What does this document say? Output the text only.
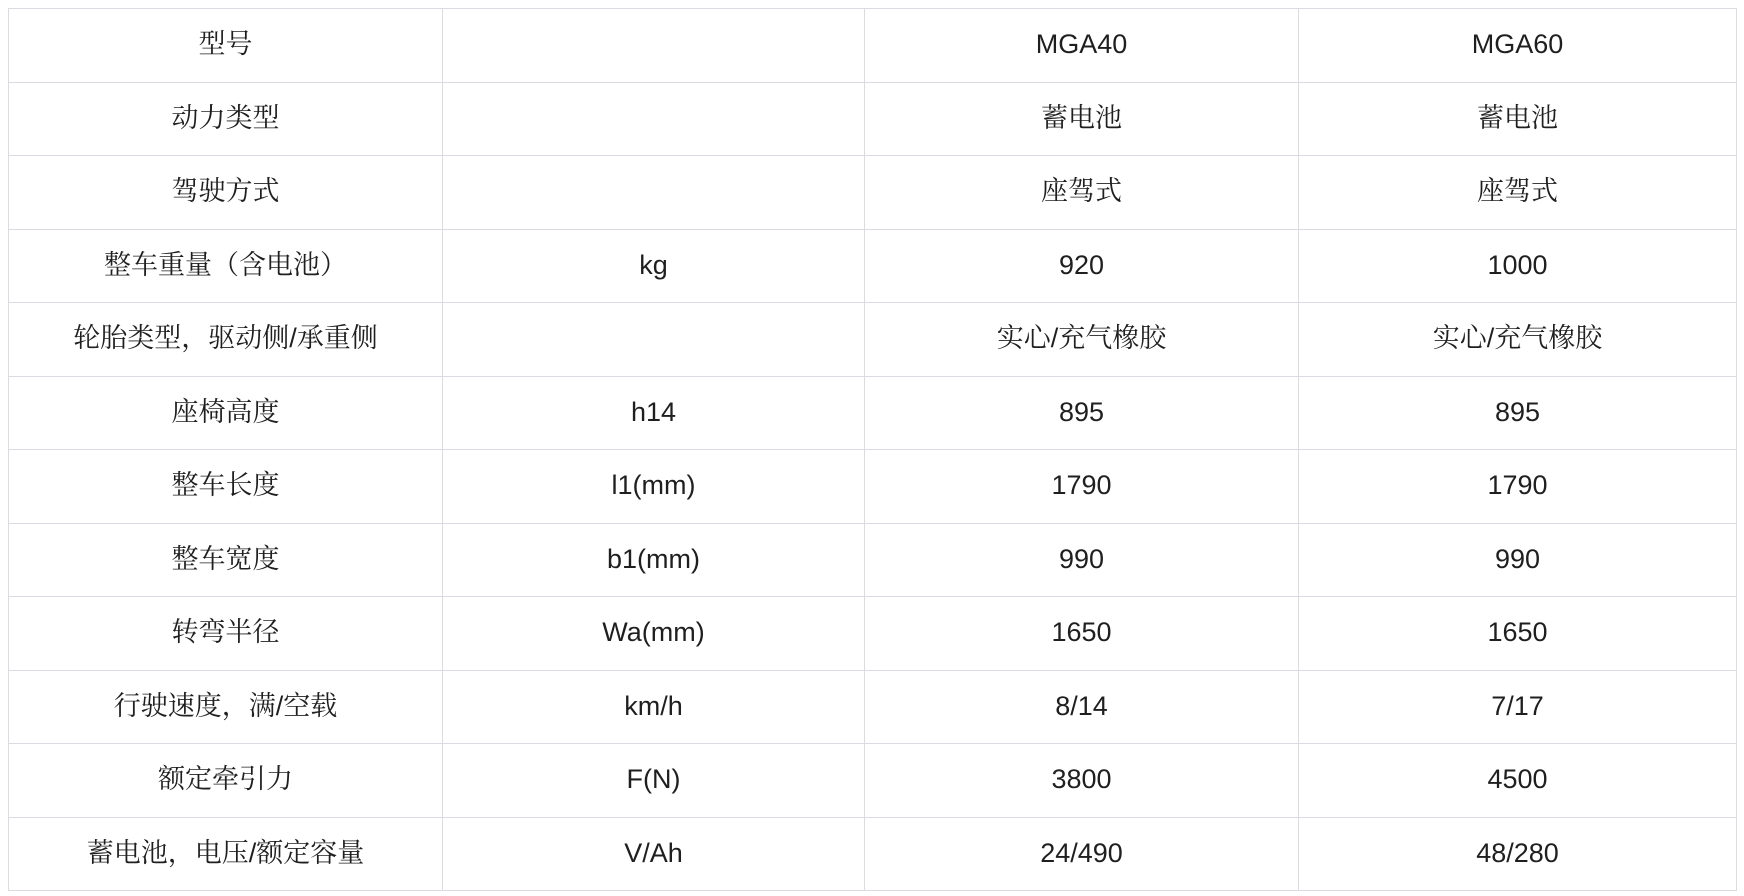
型号		MGA40	MGA60
动力类型		蓄电池	蓄电池
驾驶方式		座驾式	座驾式
整车重量（含电池）	kg	920	1000
轮胎类型，驱动侧/承重侧		实心/充气橡胶	实心/充气橡胶
座椅高度	h14	895	895
整车长度	l1(mm)	1790	1790
整车宽度	b1(mm)	990	990
转弯半径	Wa(mm)	1650	1650
行驶速度，满/空载	km/h	8/14	7/17
额定牵引力	F(N)	3800	4500
蓄电池，电压/额定容量	V/Ah	24/490	48/280
